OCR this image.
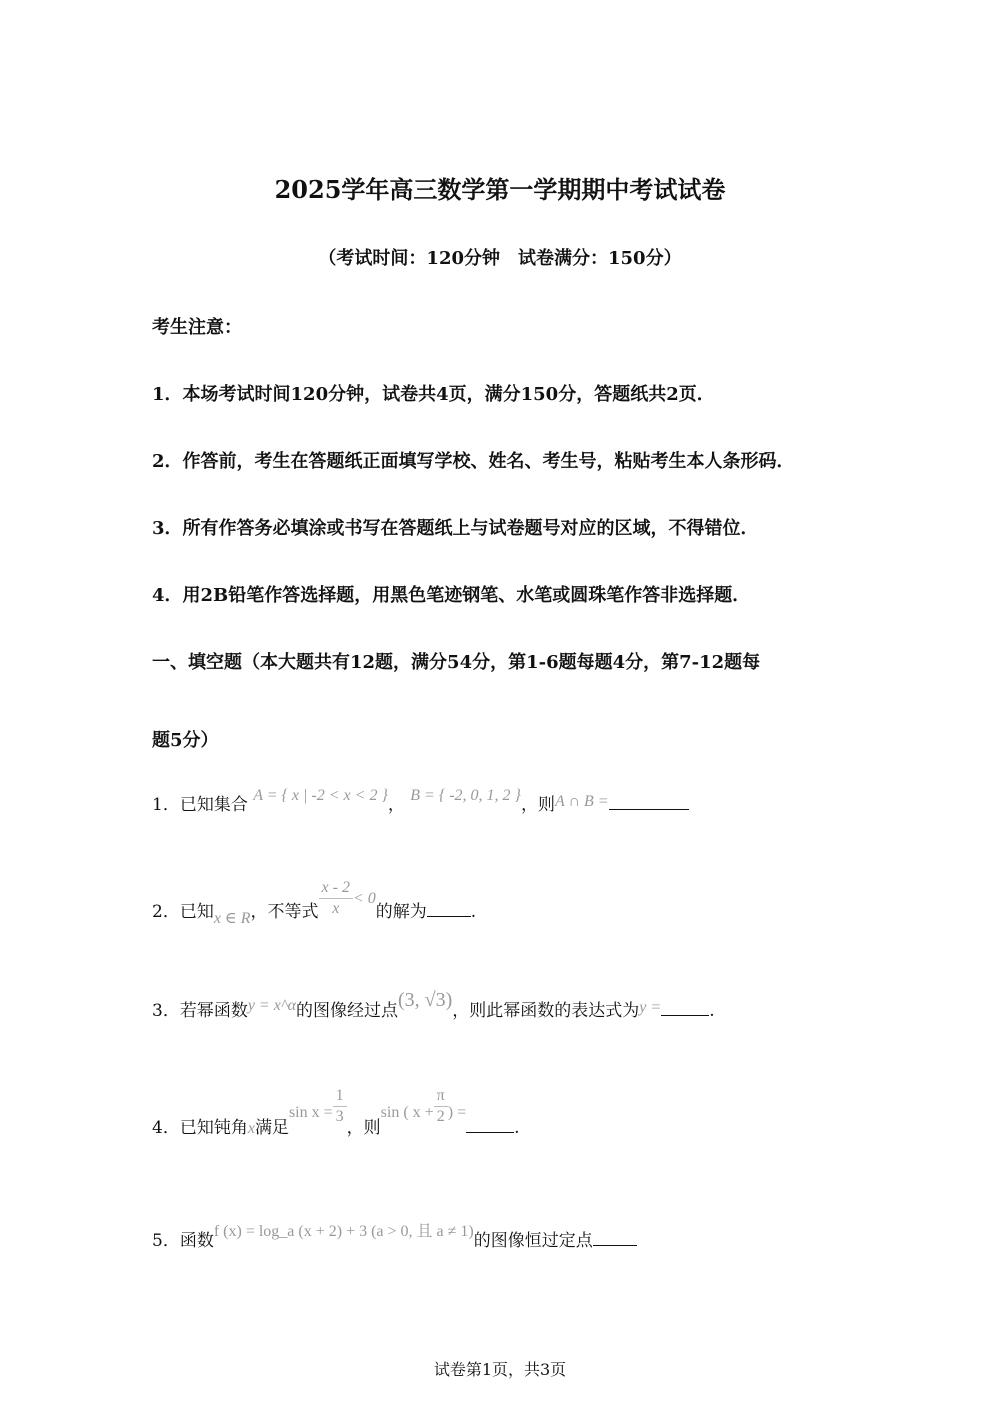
2025学年高三数学第一学期期中考试试卷
（考试时间：120分钟　试卷满分：150分）
考生注意：
1．本场考试时间120分钟，试卷共4页，满分150分，答题纸共2页．
2．作答前，考生在答题纸正面填写学校、姓名、考生号，粘贴考生本人条形码．
3．所有作答务必填涂或书写在答题纸上与试卷题号对应的区域，不得错位．
4．用2B铅笔作答选择题，用黑色笔迹钢笔、水笔或圆珠笔作答非选择题．
一、填空题（本大题共有12题，满分54分，第1-6题每题4分，第7-12题每
题5分）
1．已知集合 A = { x | -2 < x < 2 }， B = { -2, 0, 1, 2 }，则A ∩ B =
2．已知x ∈ R，不等式 $\frac{x - 2}{x} < 0$的解为	.
3．若幂函数y = x^α的图像经过点(3, √3)，则此幂函数的表达式为y =	.
4．已知钝角x满足$\sin x = \frac{1}{3}$
，则sin ( $x + \frac{\pi}{2}$ ) =.
5．函数f (x) = log_a (x + 2) + 3 (a > 0, 且 a ≠ 1)的图像恒过定点
试卷第1页，共3页
